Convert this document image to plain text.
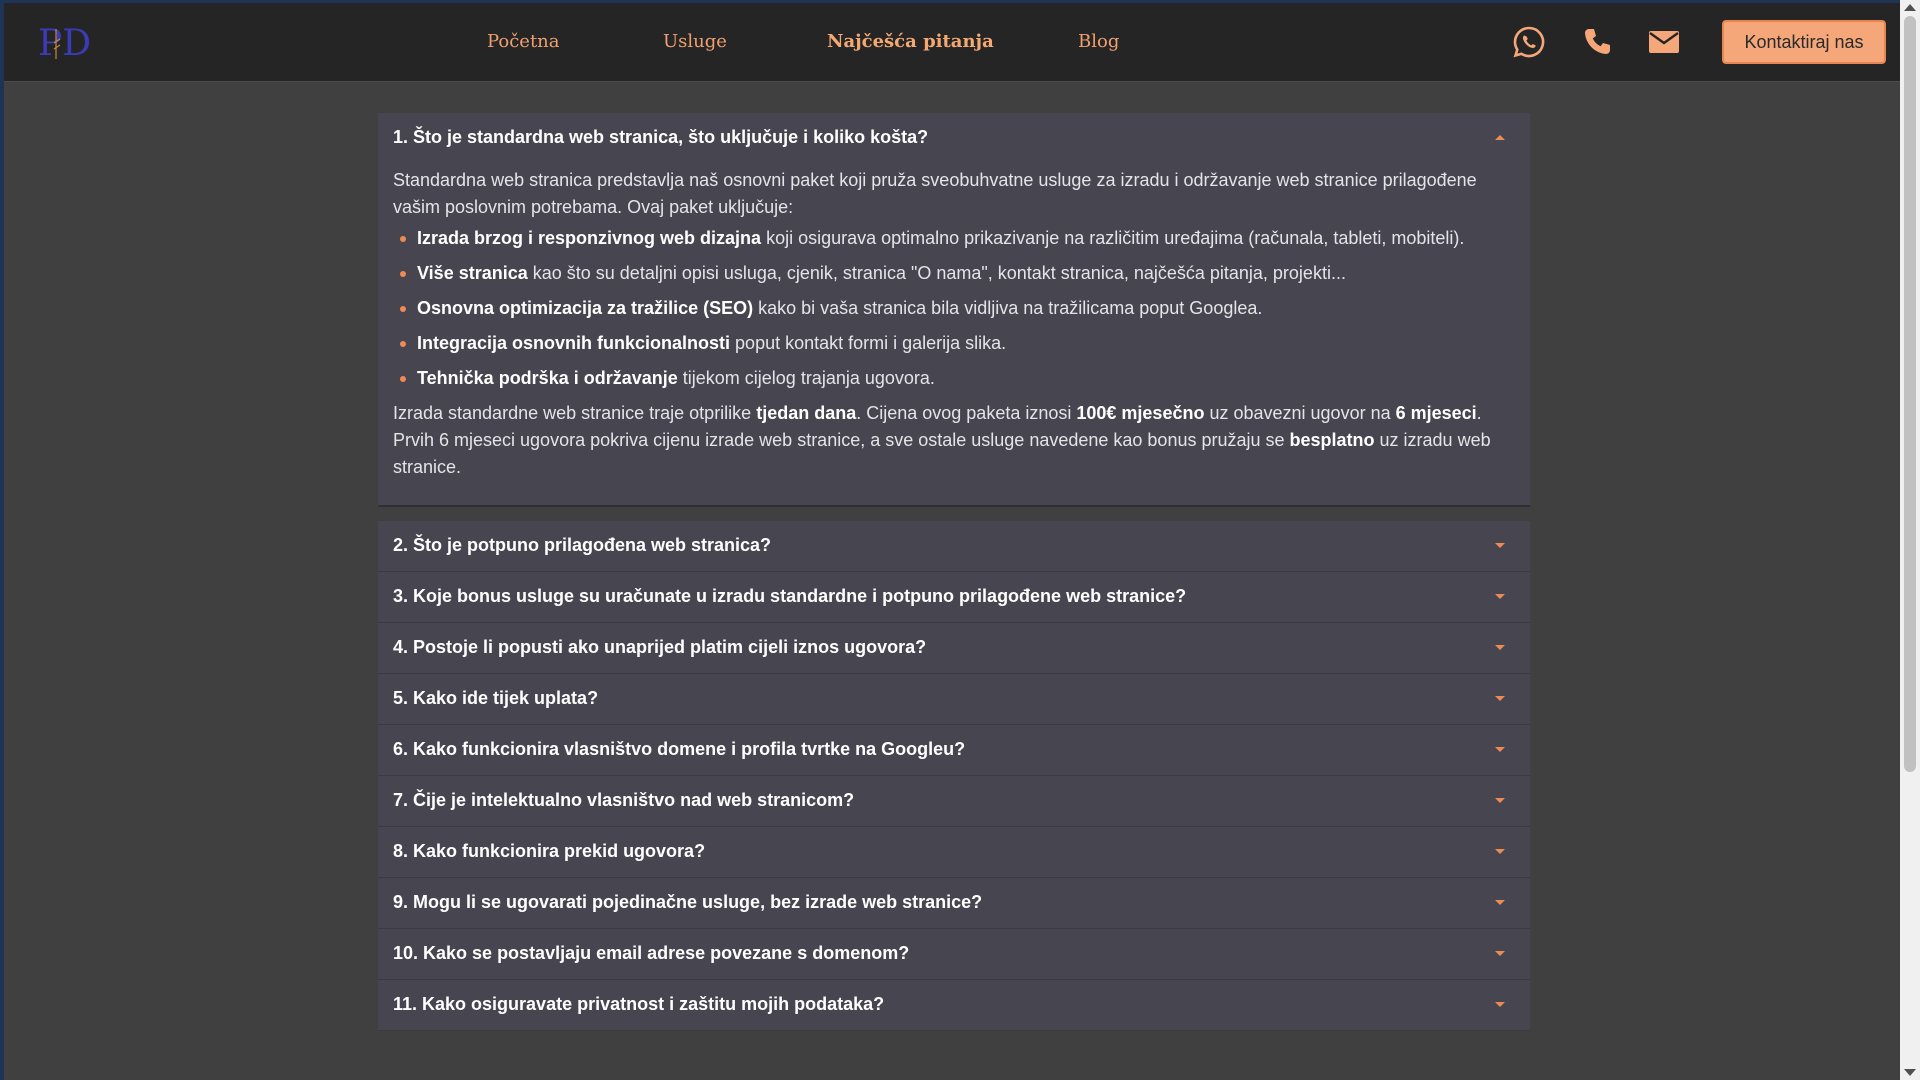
PD	Početna	Usluge	Najčešća pitanja	Blog	Kontaktiraj nas
1. Što je standardna web stranica, što uključuje i koliko košta?

Standardna web stranica predstavlja naš osnovni paket koji pruža sveobuhvatne usluge za izradu i održavanje web stranice prilagođene vašim poslovnim potrebama. Ovaj paket uključuje:

Izrada brzog i responzivnog web dizajna koji osigurava optimalno prikazivanje na različitim uređajima (računala, tableti, mobiteli).
Više stranica kao što su detaljni opisi usluga, cjenik, stranica "O nama", kontakt stranica, najčešća pitanja, projekti...
Osnovna optimizacija za tražilice (SEO) kako bi vaša stranica bila vidljiva na tražilicama poput Googlea.
Integracija osnovnih funkcionalnosti poput kontakt formi i galerija slika.
Tehnička podrška i održavanje tijekom cijelog trajanja ugovora.

Izrada standardne web stranice traje otprilike tjedan dana. Cijena ovog paketa iznosi 100€ mjesečno uz obavezni ugovor na 6 mjeseci. Prvih 6 mjeseci ugovora pokriva cijenu izrade web stranice, a sve ostale usluge navedene kao bonus pružaju se besplatno uz izradu web stranice.

2. Što je potpuno prilagođena web stranica?
3. Koje bonus usluge su uračunate u izradu standardne i potpuno prilagođene web stranice?
4. Postoje li popusti ako unaprijed platim cijeli iznos ugovora?
5. Kako ide tijek uplata?
6. Kako funkcionira vlasništvo domene i profila tvrtke na Googleu?
7. Čije je intelektualno vlasništvo nad web stranicom?
8. Kako funkcionira prekid ugovora?
9. Mogu li se ugovarati pojedinačne usluge, bez izrade web stranice?
10. Kako se postavljaju email adrese povezane s domenom?
11. Kako osiguravate privatnost i zaštitu mojih podataka?
